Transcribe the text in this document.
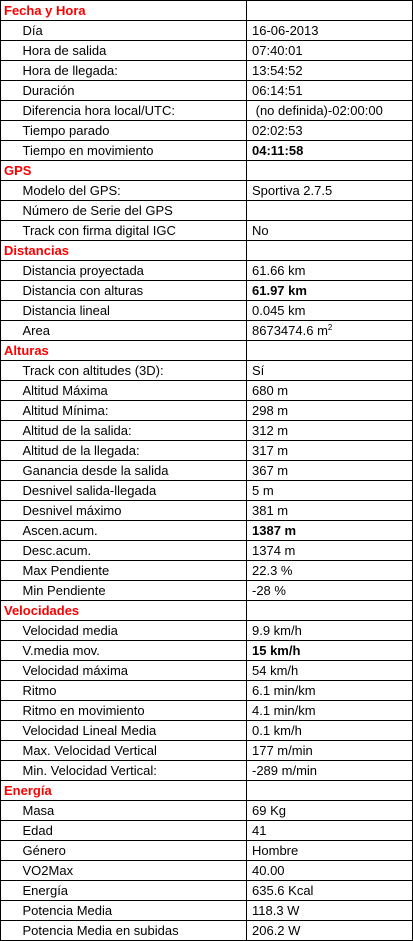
Fecha y Hora		
	Día	16-06-2013
	Hora de salida	07:40:01
	Hora de llegada:	13:54:52
	Duración	06:14:51
	Diferencia hora local/UTC:	(no definida)-02:00:00
	Tiempo parado	02:02:53
	Tiempo en movimiento	04:11:58
GPS		
	Modelo del GPS:	Sportiva 2.7.5
	Número de Serie del GPS	
	Track con firma digital IGC	No
Distancias		
	Distancia proyectada	61.66 km
	Distancia con alturas	61.97 km
	Distancia lineal	0.045 km
	Area	8673474.6 $m^2$
Alturas		
	Track con altitudes (3D):	Sí
	Altitud Máxima	680 m
	Altitud Mínima:	298 m
	Altitud de la salida:	312 m
	Altitud de la llegada:	317 m
	Ganancia desde la salida	367 m
	Desnivel salida-llegada	5 m
	Desnivel máximo	381 m
	Ascen.acum.	1387 m
	Desc.acum.	1374 m
	Max Pendiente	22.3 %
	Min Pendiente	-28 %
Velocidades		
	Velocidad media	9.9 km/h
	V.media mov.	15 km/h
	Velocidad máxima	54 km/h
	Ritmo	6.1 min/km
	Ritmo en movimiento	4.1 min/km
	Velocidad Lineal Media	0.1 km/h
	Max. Velocidad Vertical	177 m/min
	Min. Velocidad Vertical:	-289 m/min
Energía		
	Masa	69 Kg
	Edad	41
	Género	Hombre
	VO2Max	40.00
	Energía	635.6 Kcal
	Potencia Media	118.3 W
	Potencia Media en subidas	206.2 W
